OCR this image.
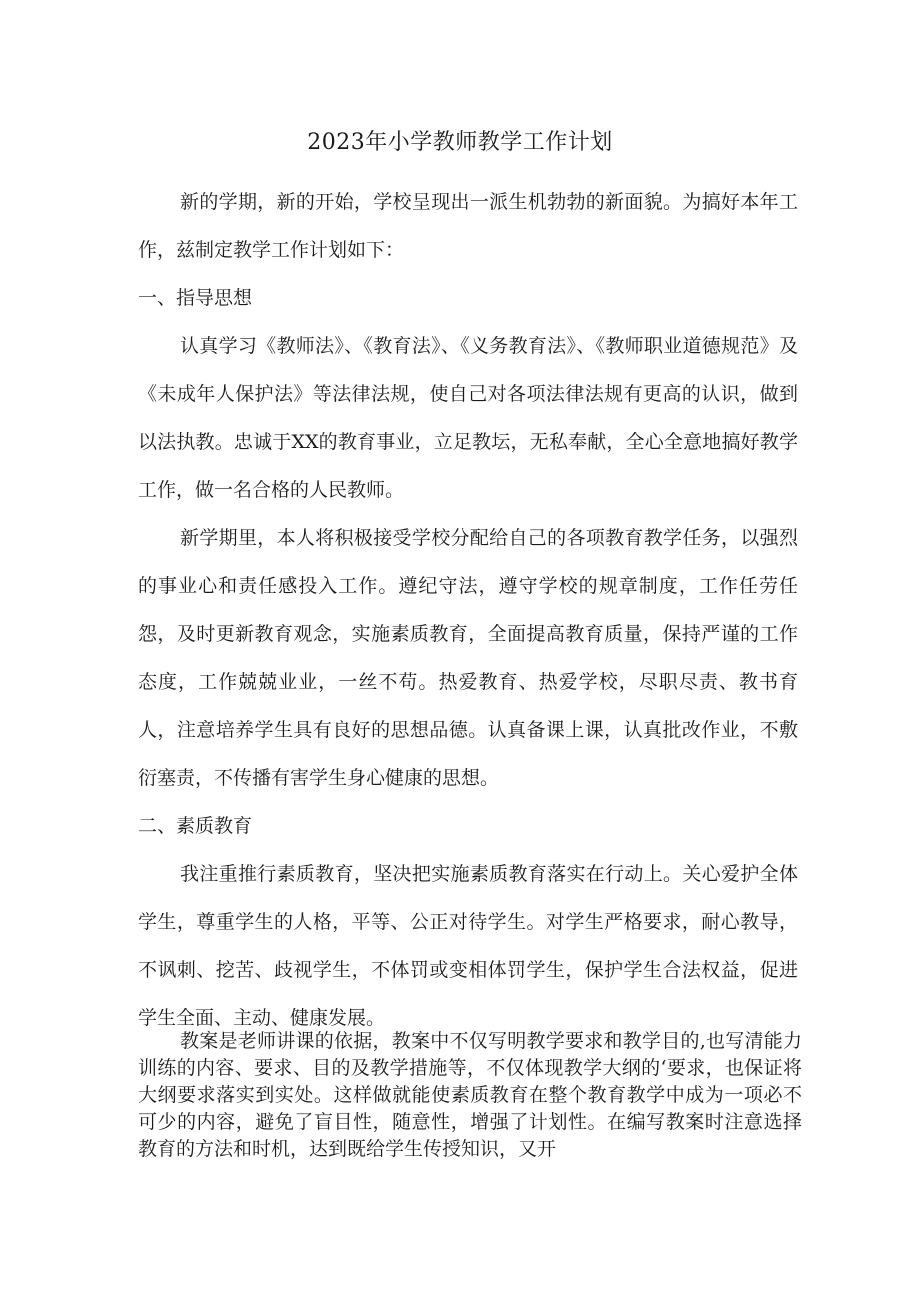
2023年小学教师教学工作计划

新的学期，新的开始，学校呈现出一派生机勃勃的新面貌。为搞好本年工作，兹制定教学工作计划如下：

一、指导思想

认真学习《教师法》、《教育法》、《义务教育法》、《教师职业道德规范》及《未成年人保护法》等法律法规，使自己对各项法律法规有更高的认识，做到以法执教。忠诚于XX的教育事业，立足教坛，无私奉献，全心全意地搞好教学工作，做一名合格的人民教师。

新学期里，本人将积极接受学校分配给自己的各项教育教学任务，以强烈的事业心和责任感投入工作。遵纪守法，遵守学校的规章制度，工作任劳任怨，及时更新教育观念，实施素质教育，全面提高教育质量，保持严谨的工作态度，工作兢兢业业，一丝不苟。热爱教育、热爱学校，尽职尽责、教书育人，注意培养学生具有良好的思想品德。认真备课上课，认真批改作业，不敷衍塞责，不传播有害学生身心健康的思想。

二、素质教育

我注重推行素质教育，坚决把实施素质教育落实在行动上。关心爱护全体学生，尊重学生的人格，平等、公正对待学生。对学生严格要求，耐心教导，不讽刺、挖苦、歧视学生，不体罚或变相体罚学生，保护学生合法权益，促进学生全面、主动、健康发展。

教案是老师讲课的依据，教案中不仅写明教学要求和教学目的,也写清能力训练的内容、要求、目的及教学措施等，不仅体现教学大纲的‘要求，也保证将大纲要求落实到实处。这样做就能使素质教育在整个教育教学中成为一项必不可少的内容，避免了盲目性，随意性，增强了计划性。在编写教案时注意选择教育的方法和时机，达到既给学生传授知识，又开
